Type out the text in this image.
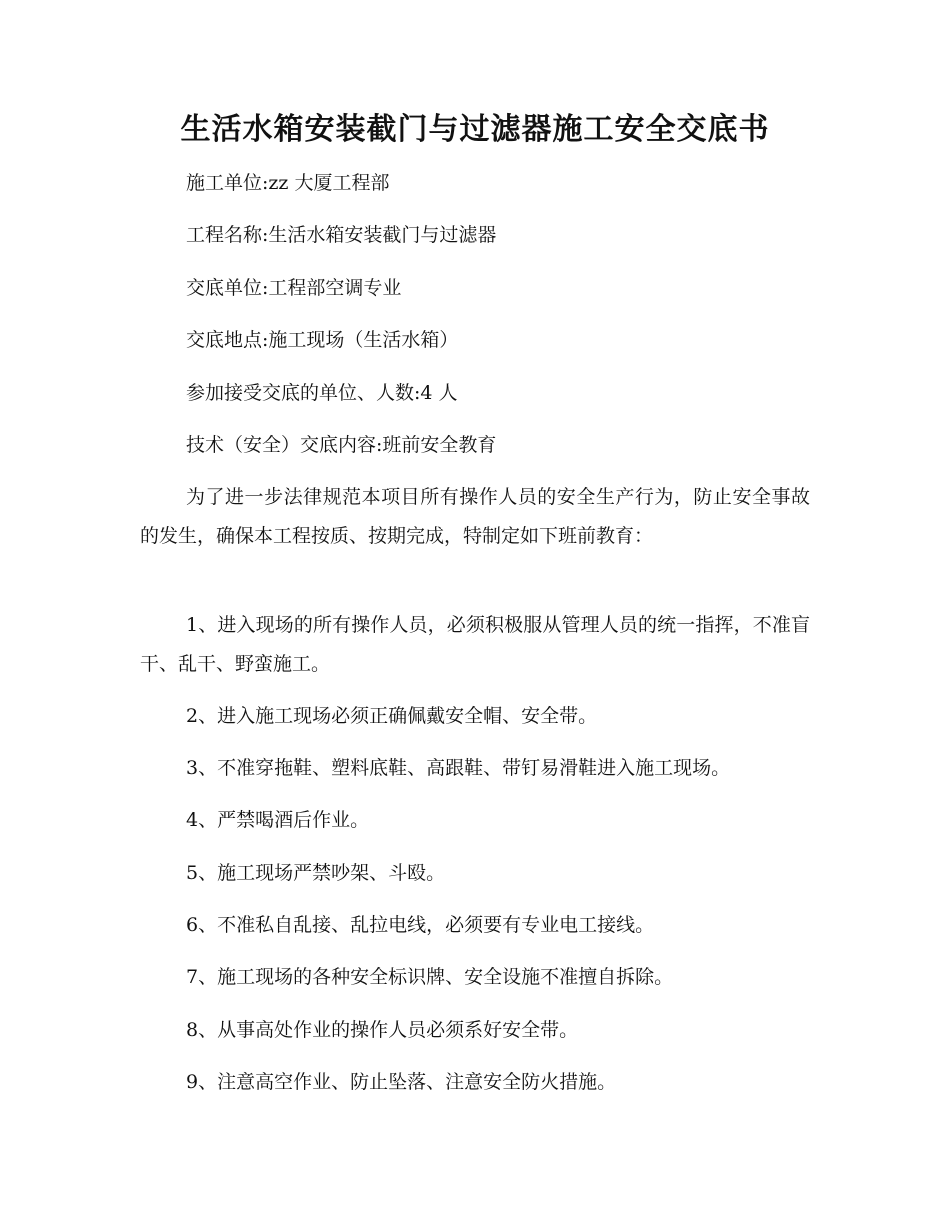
生活水箱安装截门与过滤器施工安全交底书

施工单位:zz 大厦工程部

工程名称:生活水箱安装截门与过滤器

交底单位:工程部空调专业

交底地点:施工现场（生活水箱）

参加接受交底的单位、人数:4 人

技术（安全）交底内容:班前安全教育

为了进一步法律规范本项目所有操作人员的安全生产行为，防止安全事故的发生，确保本工程按质、按期完成，特制定如下班前教育：

1、进入现场的所有操作人员，必须积极服从管理人员的统一指挥，不准盲干、乱干、野蛮施工。

2、进入施工现场必须正确佩戴安全帽、安全带。

3、不准穿拖鞋、塑料底鞋、高跟鞋、带钉易滑鞋进入施工现场。

4、严禁喝酒后作业。

5、施工现场严禁吵架、斗殴。

6、不准私自乱接、乱拉电线，必须要有专业电工接线。

7、施工现场的各种安全标识牌、安全设施不准擅自拆除。

8、从事高处作业的操作人员必须系好安全带。

9、注意高空作业、防止坠落、注意安全防火措施。
